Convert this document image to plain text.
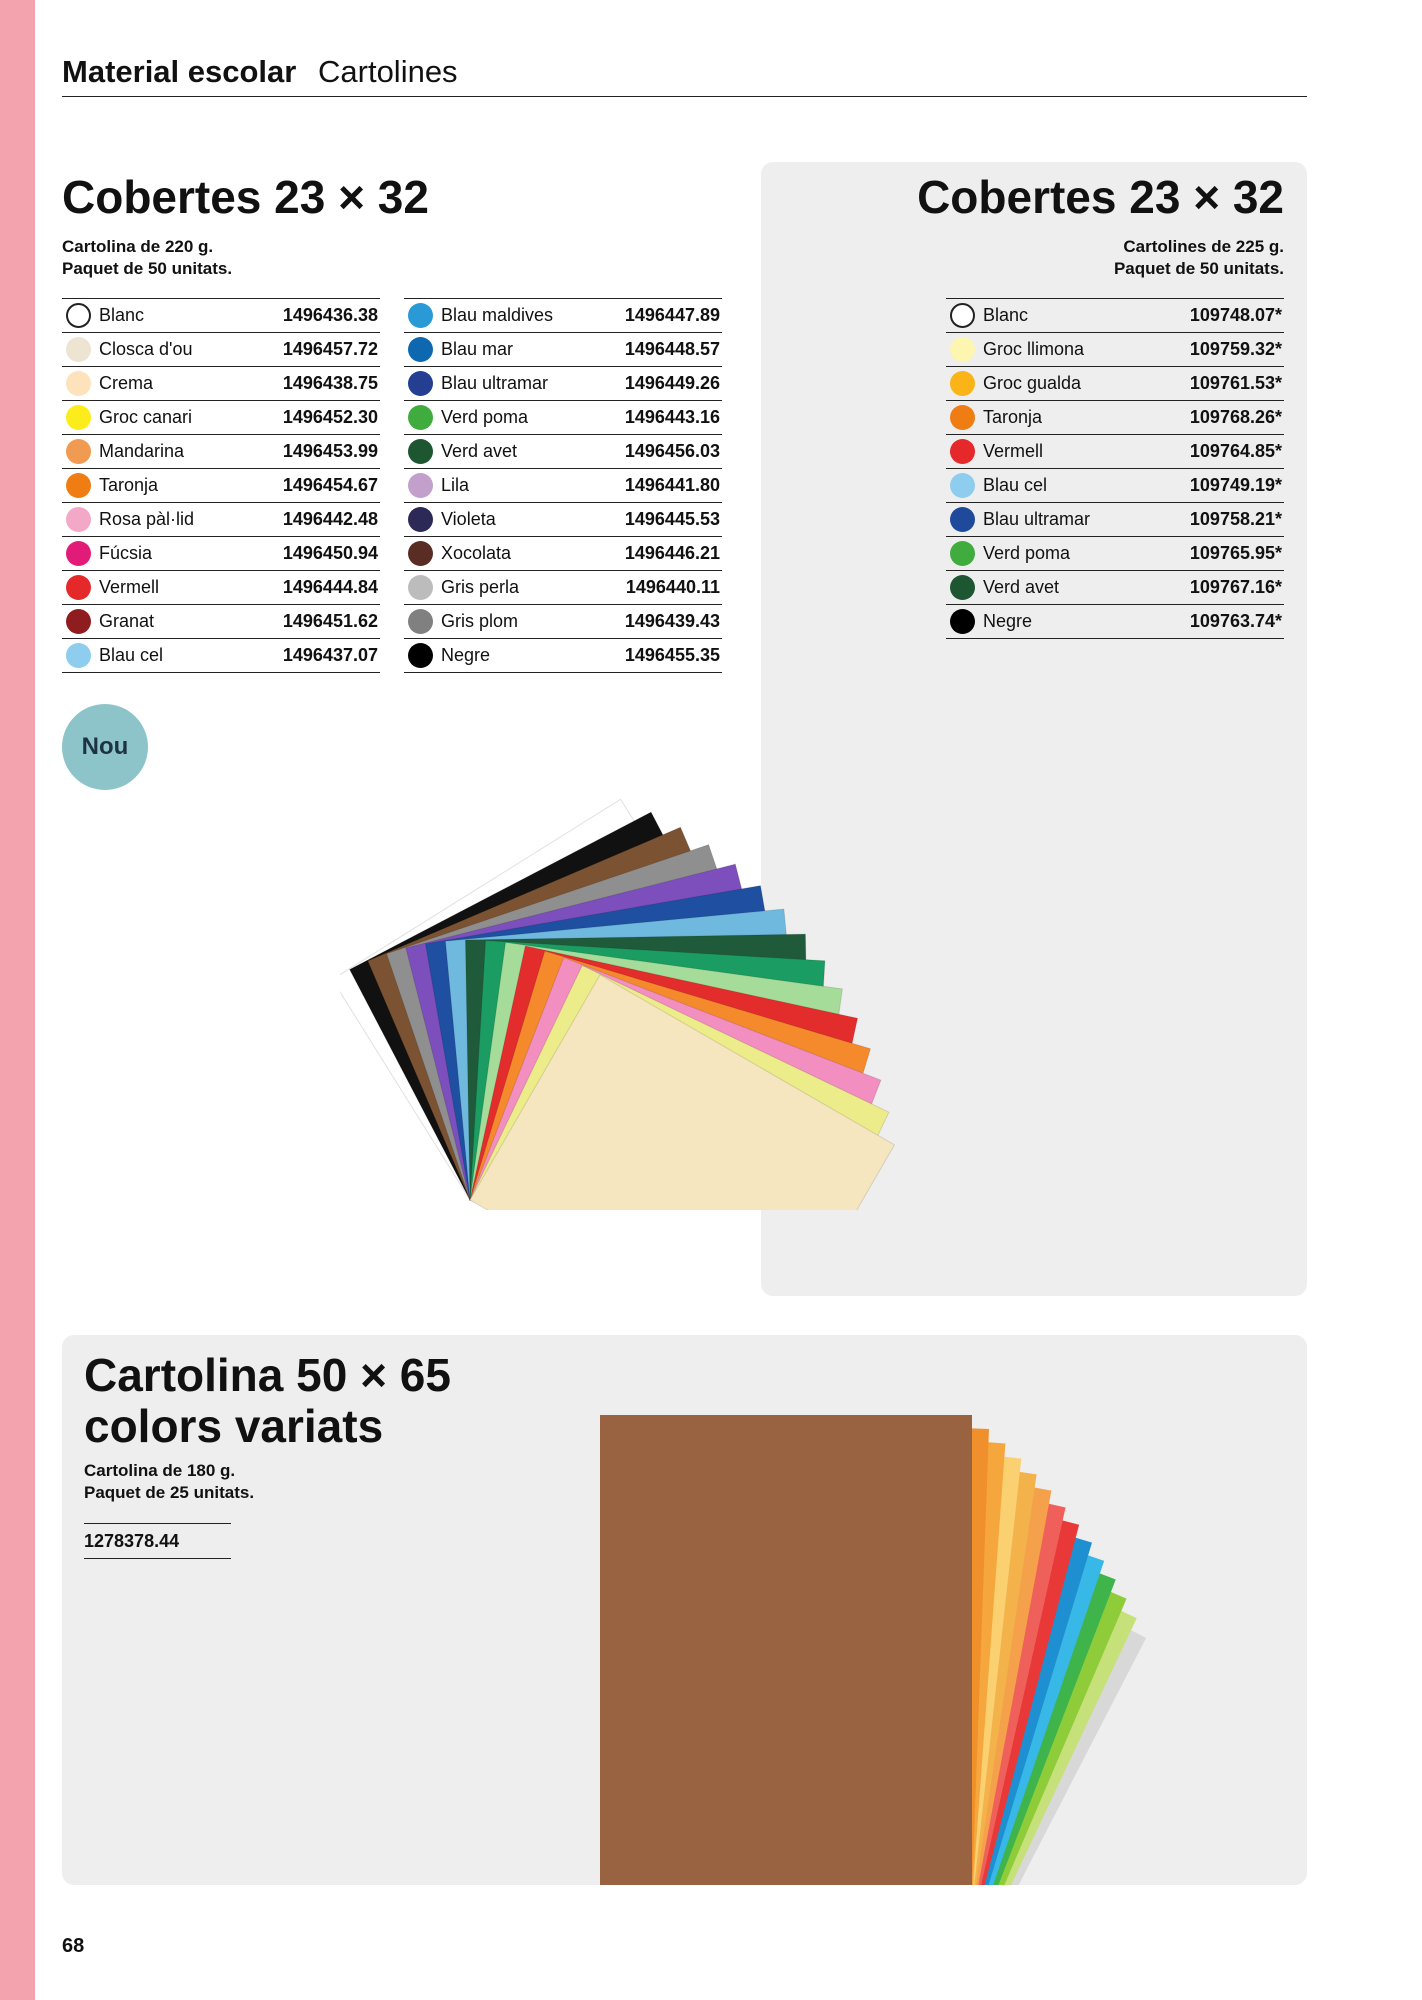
Material escolar Cartolines
Cobertes 23 × 32
Cartolina de 220 g.
Paquet de 50 unitats.
Blanc	1496436.38
Closca d'ou	1496457.72
Crema	1496438.75
Groc canari	1496452.30
Mandarina	1496453.99
Taronja	1496454.67
Rosa pàl·lid	1496442.48
Fúcsia	1496450.94
Vermell	1496444.84
Granat	1496451.62
Blau cel	1496437.07
Blau maldives	1496447.89
Blau mar	1496448.57
Blau ultramar	1496449.26
Verd poma	1496443.16
Verd avet	1496456.03
Lila	1496441.80
Violeta	1496445.53
Xocolata	1496446.21
Gris perla	1496440.11
Gris plom	1496439.43
Negre	1496455.35
Nou
Cobertes 23 × 32
Cartolines de 225 g.
Paquet de 50 unitats.
Blanc	109748.07*
Groc llimona	109759.32*
Groc gualda	109761.53*
Taronja	109768.26*
Vermell	109764.85*
Blau cel	109749.19*
Blau ultramar	109758.21*
Verd poma	109765.95*
Verd avet	109767.16*
Negre	109763.74*
Cartolina 50 × 65
colors variats
Cartolina de 180 g.
Paquet de 25 unitats.
1278378.44
68
